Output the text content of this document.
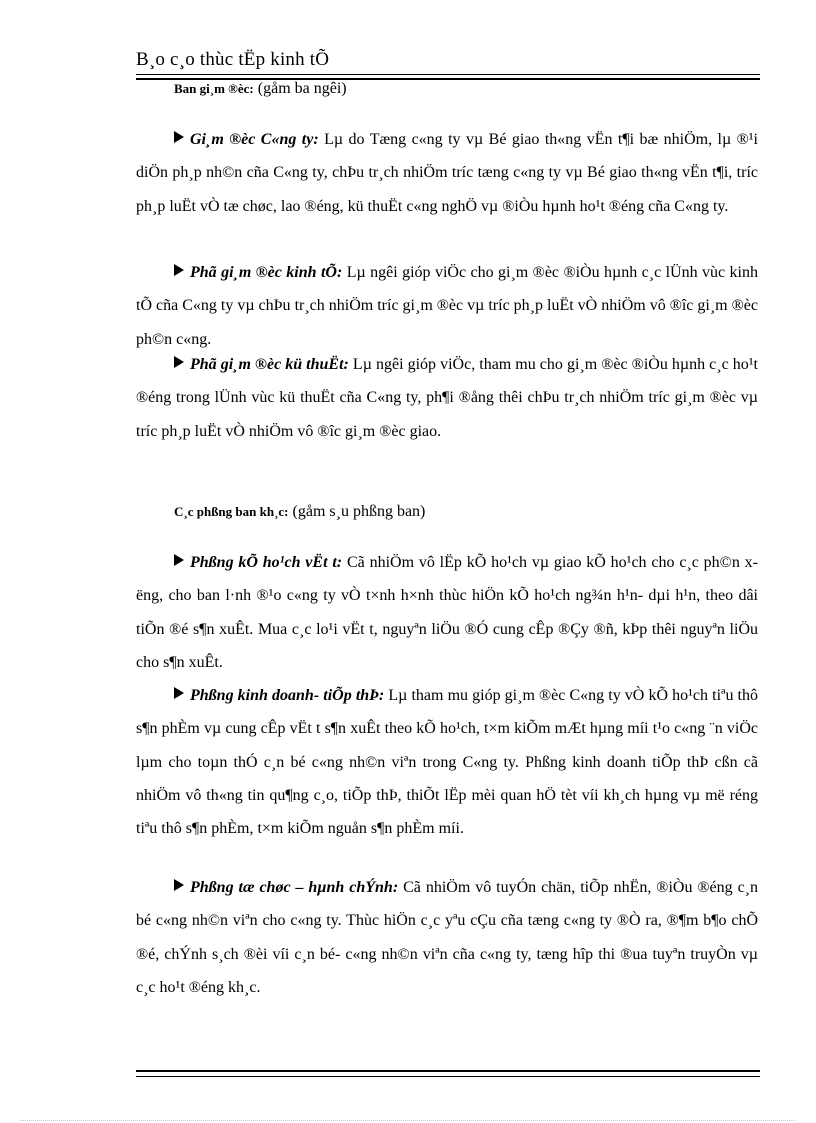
B¸o c¸o thùc tËp kinh tÕ
Ban gi¸m ®èc: (gåm ba ngêi)

Gi¸m ®èc C«ng ty: Lµ do Tæng c«ng ty vµ Bé giao th«ng vËn t¶i bæ nhiÖm, lµ ®¹i diÖn ph¸p nh©n cña C«ng ty, chÞu tr¸ch nhiÖm tríc tæng c«ng ty vµ Bé giao th«ng vËn t¶i, tríc ph¸p luËt vÒ tæ chøc, lao ®éng, kü thuËt c«ng nghÖ vµ ®iÒu hµnh ho¹t ®éng cña C«ng ty.

Phã gi¸m ®èc kinh tÕ: Lµ ngêi gióp viÖc cho gi¸m ®èc ®iÒu hµnh c¸c lÜnh vùc kinh tÕ cña C«ng ty vµ chÞu tr¸ch nhiÖm tríc gi¸m ®èc vµ tríc ph¸p luËt vÒ nhiÖm vô ®îc gi¸m ®èc ph©n c«ng.

Phã gi¸m ®èc kü thuËt: Lµ ngêi gióp viÖc, tham mu cho gi¸m ®èc ®iÒu hµnh c¸c ho¹t ®éng trong lÜnh vùc kü thuËt cña C«ng ty, ph¶i ®ång thêi chÞu tr¸ch nhiÖm tríc gi¸m ®èc vµ tríc ph¸p luËt vÒ nhiÖm vô ®îc gi¸m ®èc giao.

C¸c phßng ban kh¸c: (gåm s¸u phßng ban)

Phßng kÕ ho¹ch vËt t: Cã nhiÖm vô lËp kÕ ho¹ch vµ giao kÕ ho¹ch cho c¸c ph©n xëng, cho ban l·nh ®¹o c«ng ty vÒ t×nh h×nh thùc hiÖn kÕ ho¹ch ng¾n h¹n- dµi h¹n, theo dâi tiÕn ®é s¶n xuÊt. Mua c¸c lo¹i vËt t, nguyªn liÖu ®Ó cung cÊp ®Çy ®ñ, kÞp thêi nguyªn liÖu cho s¶n xuÊt.

Phßng kinh doanh- tiÕp thÞ: Lµ tham mu gióp gi¸m ®èc C«ng ty vÒ kÕ ho¹ch tiªu thô s¶n phÈm vµ cung cÊp vËt t s¶n xuÊt theo kÕ ho¹ch, t×m kiÕm mÆt hµng míi t¹o c«ng ¨n viÖc lµm cho toµn thÓ c¸n bé c«ng nh©n viªn trong C«ng ty. Phßng kinh doanh tiÕp thÞ cßn cã nhiÖm vô th«ng tin qu¶ng c¸o, tiÕp thÞ, thiÕt lËp mèi quan hÖ tèt víi kh¸ch hµng vµ më réng tiªu thô s¶n phÈm, t×m kiÕm nguån s¶n phÈm míi.

Phßng tæ chøc – hµnh chÝnh: Cã nhiÖm vô tuyÓn chän, tiÕp nhËn, ®iÒu ®éng c¸n bé c«ng nh©n viªn cho c«ng ty. Thùc hiÖn c¸c yªu cÇu cña tæng c«ng ty ®Ò ra, ®¶m b¶o chÕ ®é, chÝnh s¸ch ®èi víi c¸n bé- c«ng nh©n viªn cña c«ng ty, tæng hîp thi ®ua tuyªn truyÒn vµ c¸c ho¹t ®éng kh¸c.
